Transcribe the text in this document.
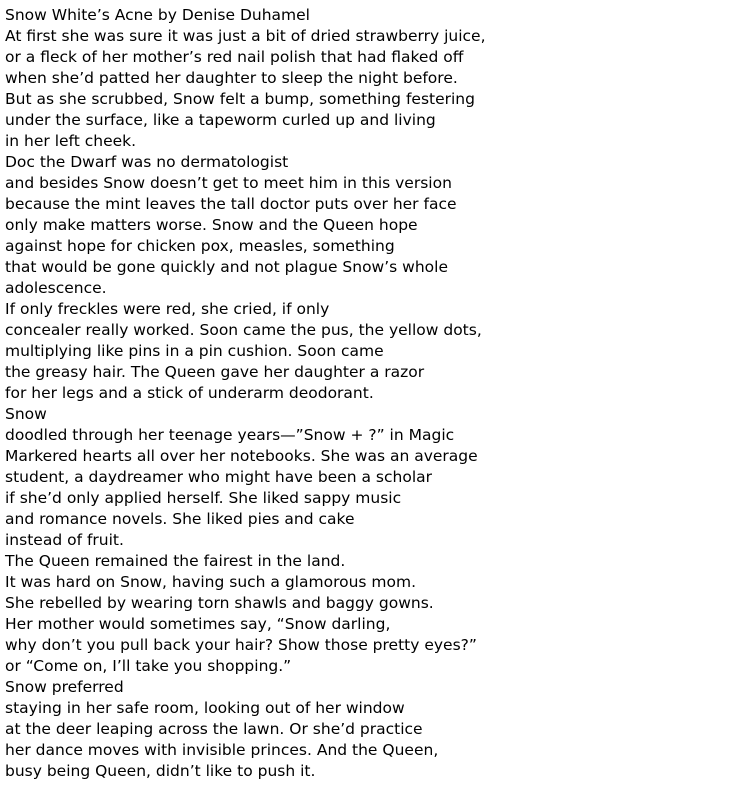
Snow White’s Acne by Denise Duhamel
At first she was sure it was just a bit of dried strawberry juice,
or a fleck of her mother’s red nail polish that had flaked off
when she’d patted her daughter to sleep the night before.
But as she scrubbed, Snow felt a bump, something festering
under the surface, like a tapeworm curled up and living
in her left cheek.
Doc the Dwarf was no dermatologist
and besides Snow doesn’t get to meet him in this version
because the mint leaves the tall doctor puts over her face
only make matters worse. Snow and the Queen hope
against hope for chicken pox, measles, something
that would be gone quickly and not plague Snow’s whole
adolescence.
If only freckles were red, she cried, if only
concealer really worked. Soon came the pus, the yellow dots,
multiplying like pins in a pin cushion. Soon came
the greasy hair. The Queen gave her daughter a razor
for her legs and a stick of underarm deodorant.
Snow
doodled through her teenage years—”Snow + ?” in Magic
Markered hearts all over her notebooks. She was an average
student, a daydreamer who might have been a scholar
if she’d only applied herself. She liked sappy music
and romance novels. She liked pies and cake
instead of fruit.
The Queen remained the fairest in the land.
It was hard on Snow, having such a glamorous mom.
She rebelled by wearing torn shawls and baggy gowns.
Her mother would sometimes say, “Snow darling,
why don’t you pull back your hair? Show those pretty eyes?”
or “Come on, I’ll take you shopping.”
Snow preferred
staying in her safe room, looking out of her window
at the deer leaping across the lawn. Or she’d practice
her dance moves with invisible princes. And the Queen,
busy being Queen, didn’t like to push it.
